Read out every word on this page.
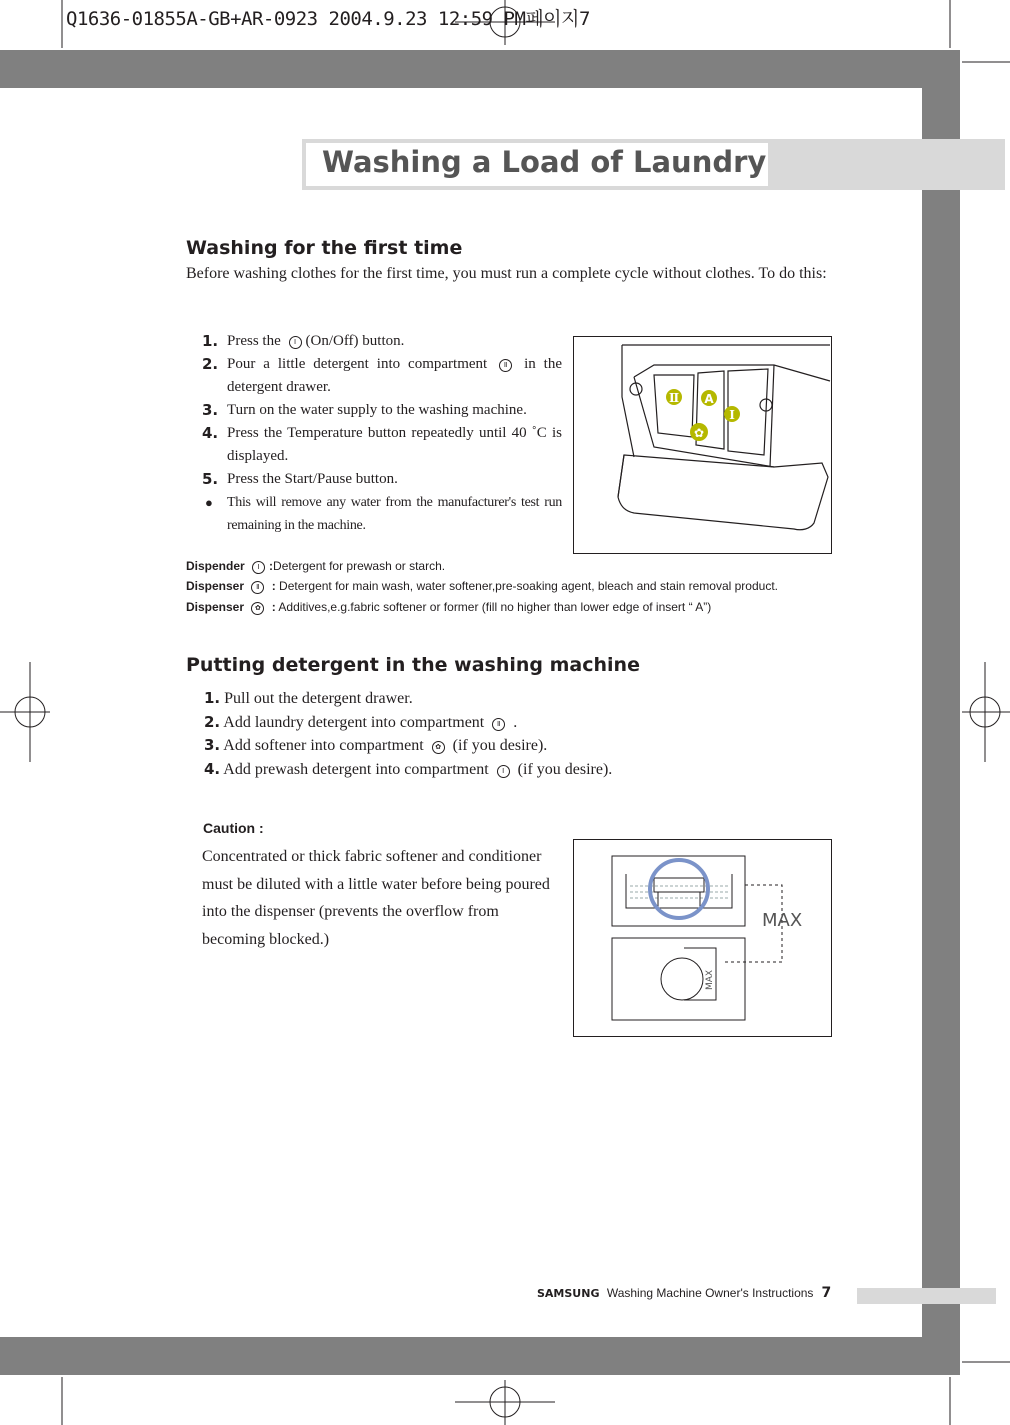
Q1636-01855A-GB+AR-0923 2004.9.23 12:59 PM페이지7
Washing a Load of Laundry
Washing for the first time
Before washing clothes for the first time, you must run a complete cycle without clothes. To do this:
1. Press the Ⅰ (On/Off) button.
2. Pour a little detergent into compartment Ⅱ in the detergent drawer.
3. Turn on the water supply to the washing machine.
4. Press the Temperature button repeatedly until 40 ˚C is displayed.
5. Press the Start/Pause button.
● This will remove any water from the manufacturer's test run remaining in the machine.
Ⅱ A
Ⅰ
✿
Dispender Ⅰ :Detergent for prewash or starch.
Dispenser Ⅱ : Detergent for main wash, water softener,pre-soaking agent, bleach and stain removal product.
Dispenser ✿ : Additives,e.g.fabric softener or former (fill no higher than lower edge of insert “ A”)
Putting detergent in the washing machine
1. Pull out the detergent drawer.
2. Add laundry detergent into compartment Ⅱ .
3. Add softener into compartment ✿ (if you desire).
4. Add prewash detergent into compartment Ⅰ (if you desire).
Caution :
Concentrated or thick fabric softener and conditioner must be diluted with a little water before being poured into the dispenser (prevents the overflow from becoming blocked.)
MAX
MAX
SAMSUNG Washing Machine Owner's Instructions 7
